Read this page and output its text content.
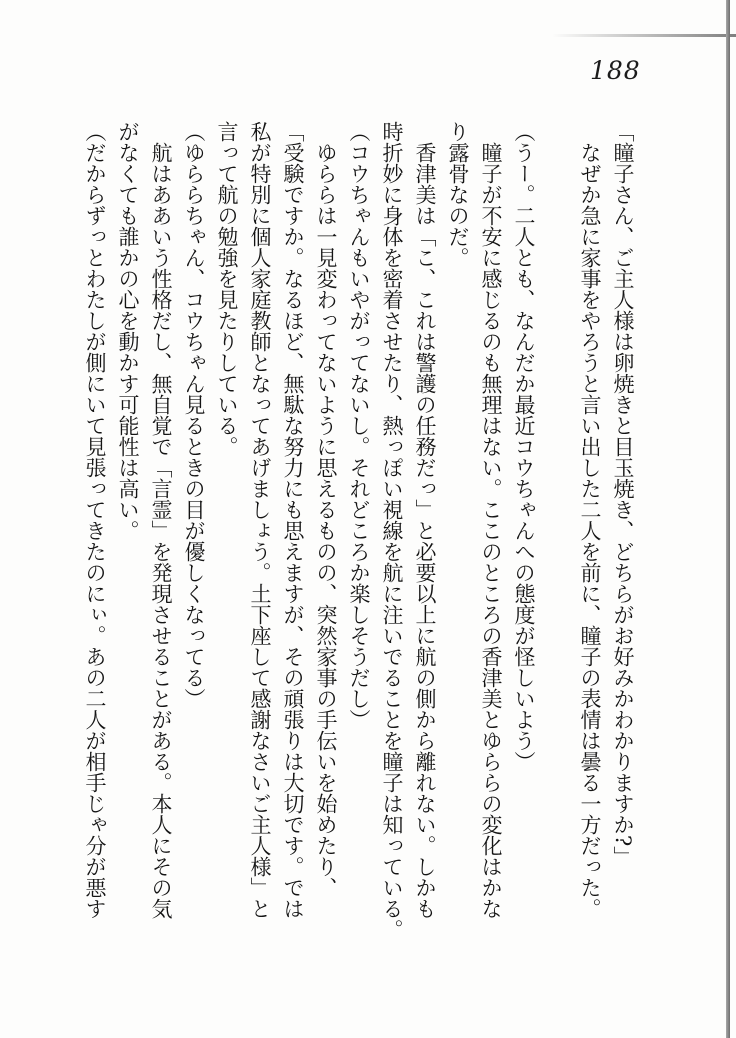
188

「瞳子さん、ご主人様は卵焼きと目玉焼き、どちらがお好みかわかりますか?」

なぜか急に家事をやろうと言い出した二人を前に、瞳子の表情は曇る一方だった。

（うー。二人とも、なんだか最近コウちゃんへの態度が怪しいよう）

瞳子が不安に感じるのも無理はない。ここのところの香津美とゆららの変化はかな

り露骨なのだ。

香津美は「こ、これは警護の任務だっ」と必要以上に航の側から離れない。しかも

時折妙に身体を密着させたり、熱っぽい視線を航に注いでることを瞳子は知っている。

（コウちゃんもいやがってないし。それどころか楽しそうだし）

ゆららは一見変わってないように思えるものの、突然家事の手伝いを始めたり、

「受験ですか。なるほど、無駄な努力にも思えますが、その頑張りは大切です。では

私が特別に個人家庭教師となってあげましょう。土下座して感謝なさいご主人様」と

言って航の勉強を見たりしている。

（ゆららちゃん、コウちゃん見るときの目が優しくなってる）

航はああいう性格だし、無自覚で「言霊」を発現させることがある。本人にその気

がなくても誰かの心を動かす可能性は高い。

（だからずっとわたしが側にいて見張ってきたのにぃ。あの二人が相手じゃ分が悪す
